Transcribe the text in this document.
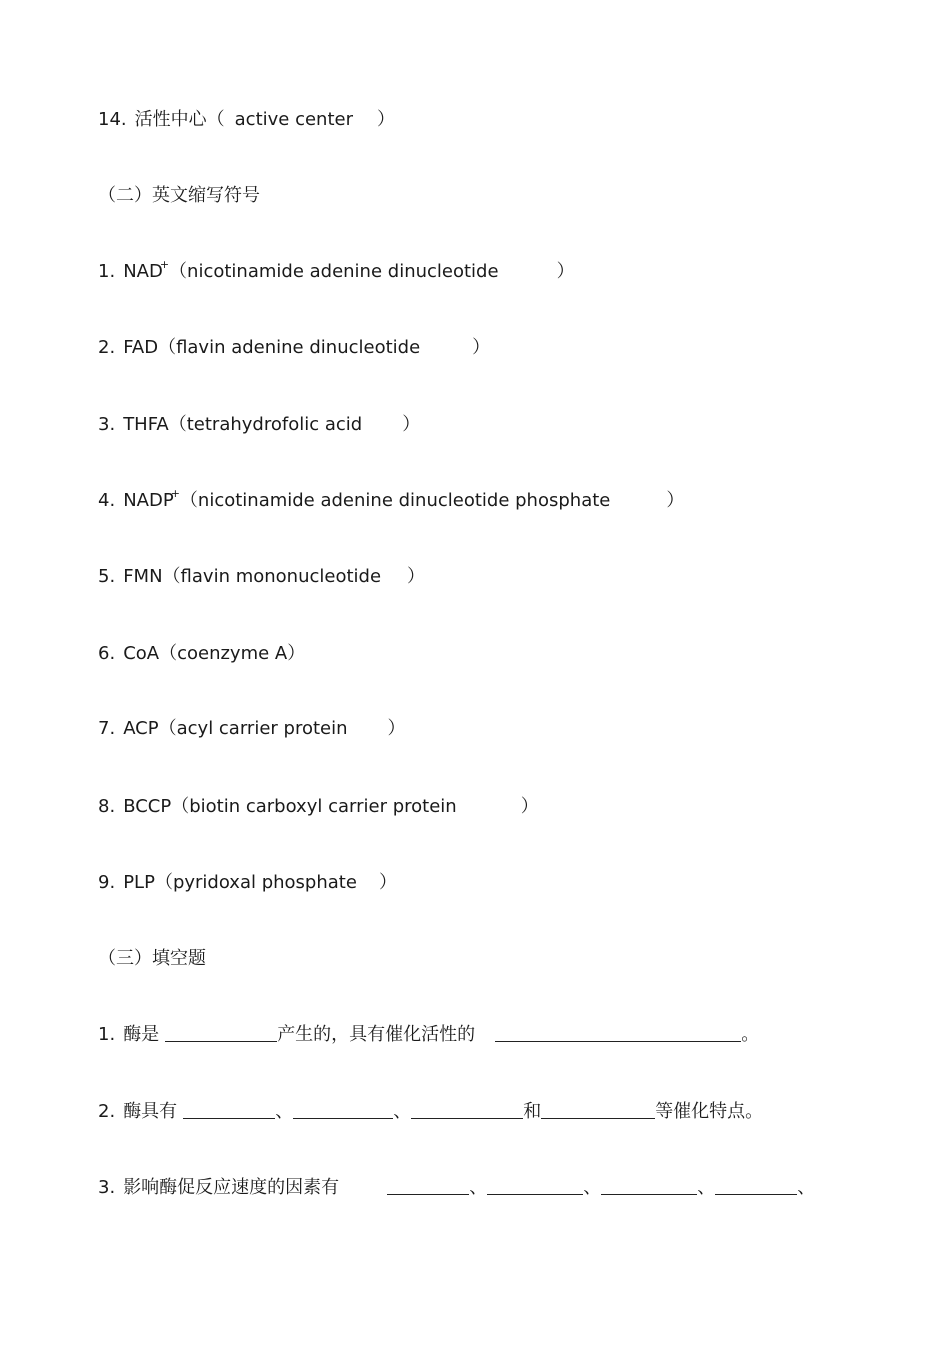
14. 活性中心（ active center ）
（二）英文缩写符号
1. NAD+（nicotinamide adenine dinucleotide	）
2. FAD（flavin adenine dinucleotide	）
3. THFA（tetrahydrofolic acid ）
4. NADP+（nicotinamide adenine dinucleotide phosphate	）
5. FMN（flavin mononucleotide ）
6. CoA（coenzyme A）
7. ACP（acyl carrier protein ）
8. BCCP（biotin carboxyl carrier protein	）
9. PLP（pyridoxal phosphate ）
（三）填空题
1. 酶是	产生的，具有催化活性的	。
2. 酶具有	、	、	和	等催化特点。
3. 影响酶促反应速度的因素有	、	、	、	、
